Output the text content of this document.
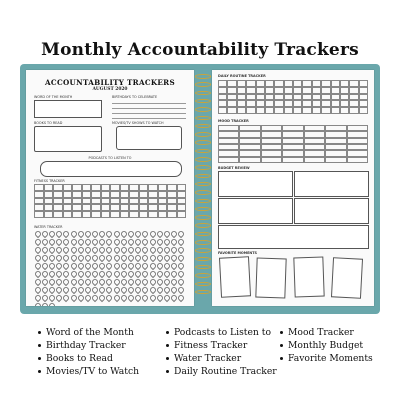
Monthly Accountability Trackers
ACCOUNTABILITY TRACKERS
AUGUST 2020
WORD OF THE MONTH	BIRTHDAYS TO CELEBRATE
BOOKS TO READ	MOVIES/TV SHOWS TO WATCH
PODCASTS TO LISTEN TO
FITNESS TRACKER
WATER TRACKER
DAILY ROUTINE TRACKER
MOOD TRACKER
BUDGET REVIEW
FAVORITE MOMENTS
Word of the Month
Birthday Tracker
Books to Read
Movies/TV to Watch
Podcasts to Listen to
Fitness Tracker
Water Tracker
Daily Routine Tracker
Mood Tracker
Monthly Budget
Favorite Moments
